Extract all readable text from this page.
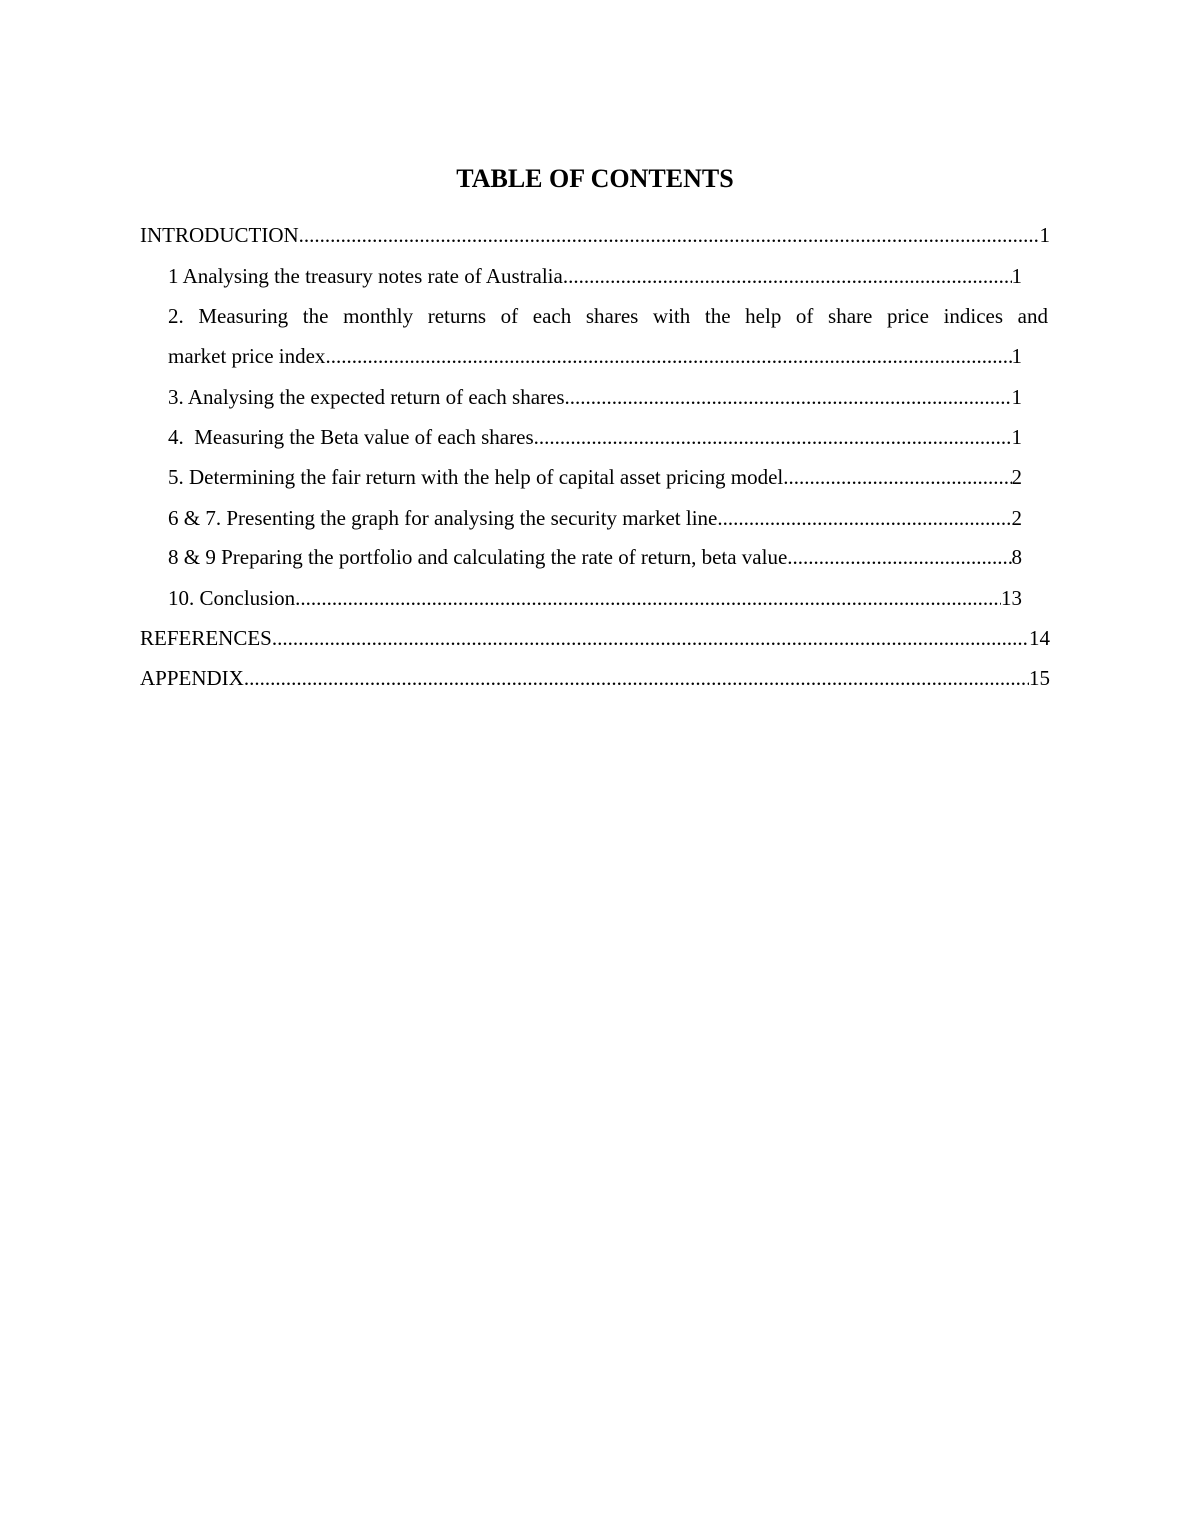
TABLE OF CONTENTS
INTRODUCTION .....	1
1 Analysing the treasury notes rate of Australia .....	1
2. Measuring the monthly returns of each shares with the help of share price indices and
market price index .....	1
3. Analysing the expected return of each shares .....	1
4.  Measuring the Beta value of each shares .....	1
5. Determining the fair return with the help of capital asset pricing model .....	2
6 & 7. Presenting the graph for analysing the security market line .....	2
8 & 9 Preparing the portfolio and calculating the rate of return, beta value .....	8
10. Conclusion .....	13
REFERENCES .....	14
APPENDIX .....	15
